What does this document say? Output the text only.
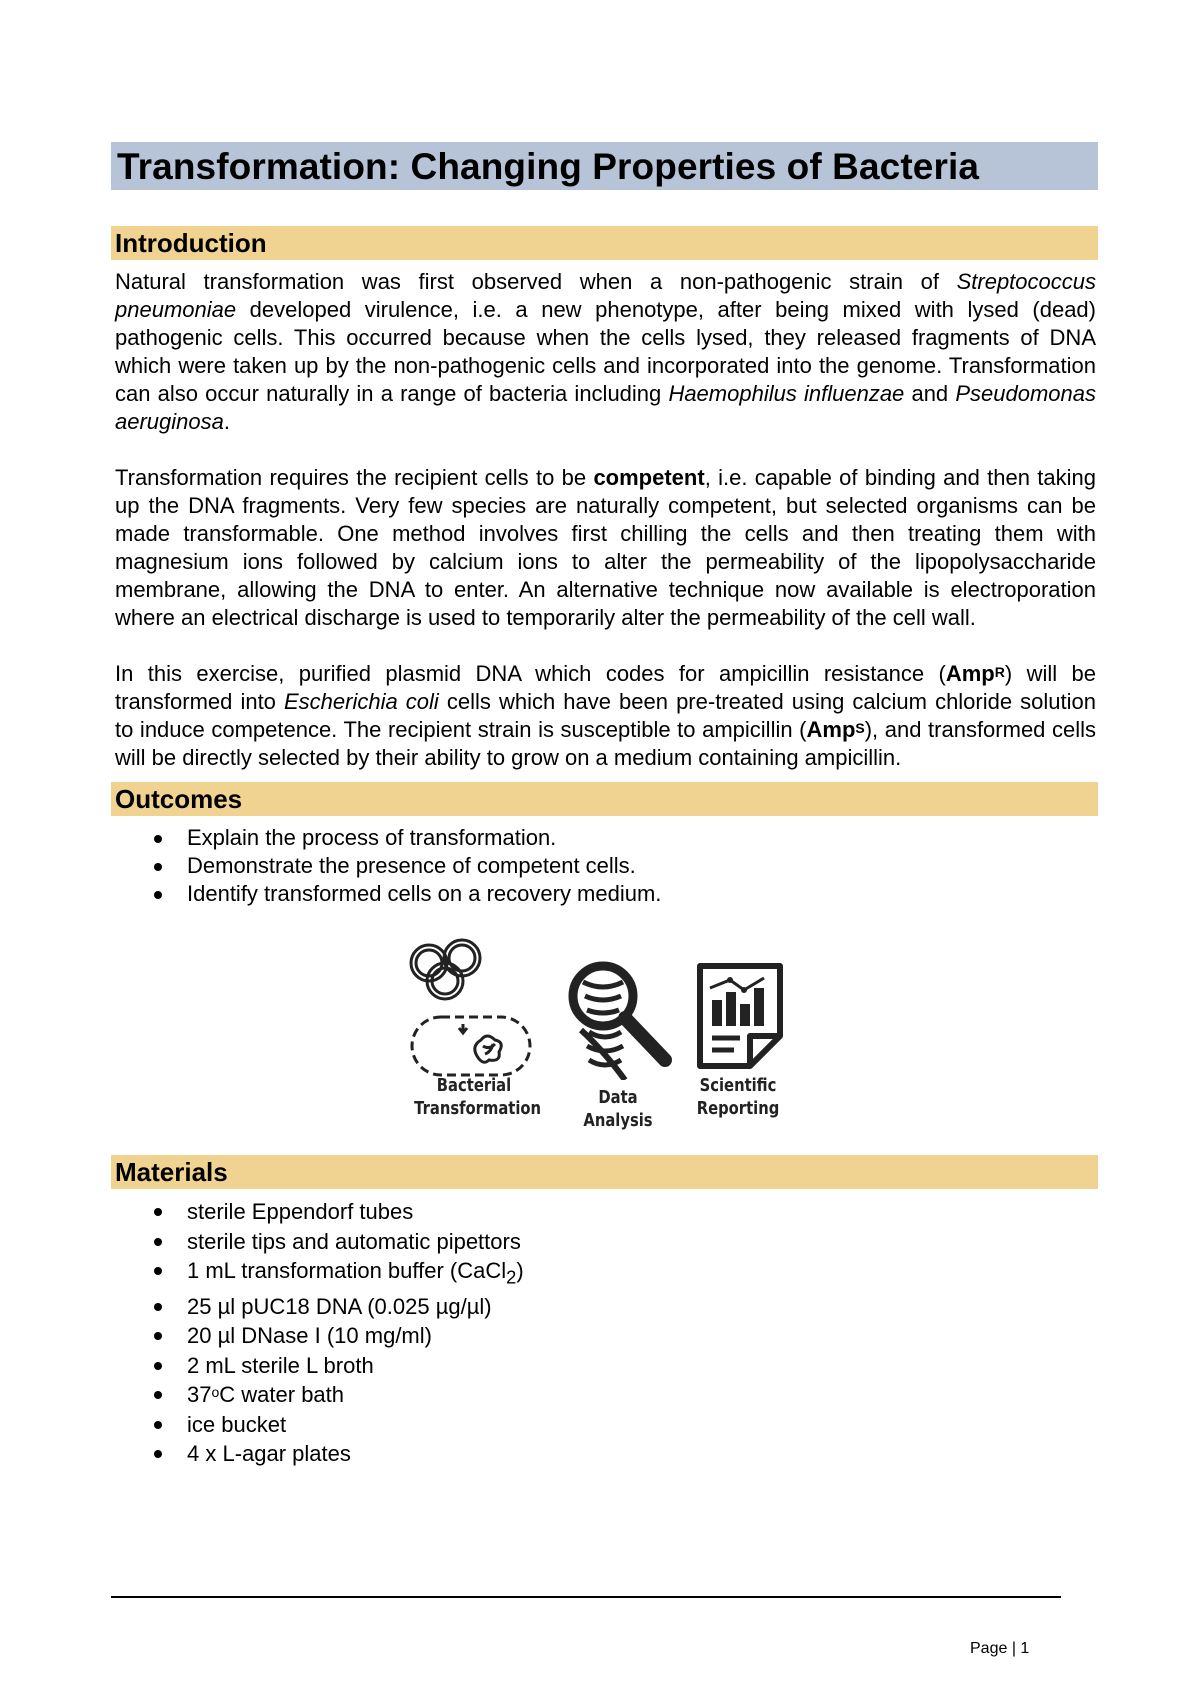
Transformation: Changing Properties of Bacteria
Introduction

Natural transformation was first observed when a non-pathogenic strain of Streptococcus pneumoniae developed virulence, i.e. a new phenotype, after being mixed with lysed (dead) pathogenic cells. This occurred because when the cells lysed, they released fragments of DNA which were taken up by the non-pathogenic cells and incorporated into the genome. Transformation can also occur naturally in a range of bacteria including Haemophilus influenzae and Pseudomonas aeruginosa.

Transformation requires the recipient cells to be competent, i.e. capable of binding and then taking up the DNA fragments. Very few species are naturally competent, but selected organisms can be made transformable. One method involves first chilling the cells and then treating them with magnesium ions followed by calcium ions to alter the permeability of the lipopolysaccharide membrane, allowing the DNA to enter. An alternative technique now available is electroporation where an electrical discharge is used to temporarily alter the permeability of the cell wall.

In this exercise, purified plasmid DNA which codes for ampicillin resistance (Amp$^R$) will be transformed into Escherichia coli cells which have been pre-treated using calcium chloride solution to induce competence. The recipient strain is susceptible to ampicillin (Amp$^S$), and transformed cells will be directly selected by their ability to grow on a medium containing ampicillin.

Outcomes
Explain the process of transformation.
Demonstrate the presence of competent cells.
Identify transformed cells on a recovery medium.
Bacterial
Transformation
Data Analysis
Scientific
Reporting
Materials
sterile Eppendorf tubes
sterile tips and automatic pipettors
1 mL transformation buffer (CaCl$_2$)
25 µl pUC18 DNA (0.025 µg/µl)
20 µl DNase I (10 mg/ml)
2 mL sterile L broth
37$^o$C water bath
ice bucket
4 x L-agar plates
Page | 1
